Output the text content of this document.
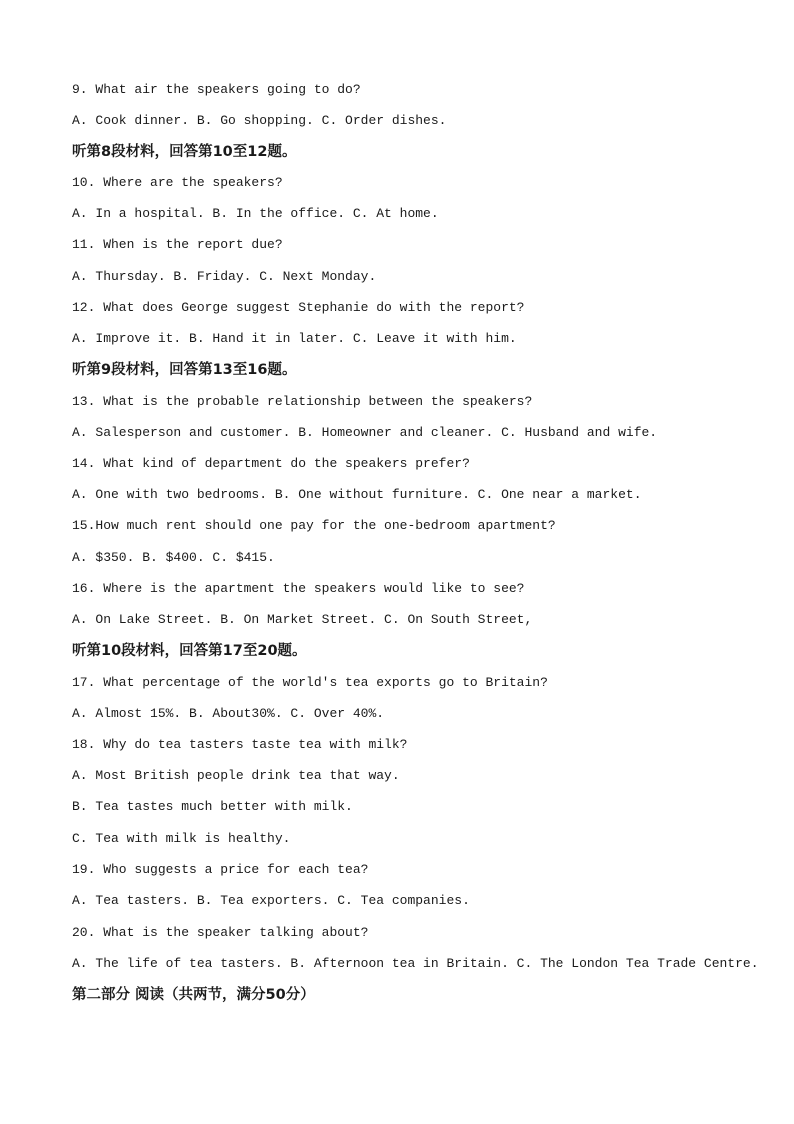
9. What air the speakers going to do?
A. Cook dinner. B. Go shopping. C. Order dishes.
听第8段材料，回答第10至12题。
10. Where are the speakers?
A. In a hospital. B. In the office. C. At home.
11. When is the report due?
A. Thursday. B. Friday. C. Next Monday.
12. What does George suggest Stephanie do with the report?
A. Improve it. B. Hand it in later. C. Leave it with him.
听第9段材料，回答第13至16题。
13. What is the probable relationship between the speakers?
A. Salesperson and customer. B. Homeowner and cleaner. C. Husband and wife.
14. What kind of department do the speakers prefer?
A. One with two bedrooms. B. One without furniture. C. One near a market.
15.How much rent should one pay for the one-bedroom apartment?
A. $350. B. $400. C. $415.
16. Where is the apartment the speakers would like to see?
A. On Lake Street. B. On Market Street. C. On South Street,
听第10段材料，回答第17至20题。
17. What percentage of the world's tea exports go to Britain?
A. Almost 15%. B. About30%. C. Over 40%.
18. Why do tea tasters taste tea with milk?
A. Most British people drink tea that way.
B. Tea tastes much better with milk.
C. Tea with milk is healthy.
19. Who suggests a price for each tea?
A. Tea tasters. B. Tea exporters. C. Tea companies.
20. What is the speaker talking about?
A. The life of tea tasters. B. Afternoon tea in Britain. C. The London Tea Trade Centre.
第二部分 阅读（共两节，满分50分）
